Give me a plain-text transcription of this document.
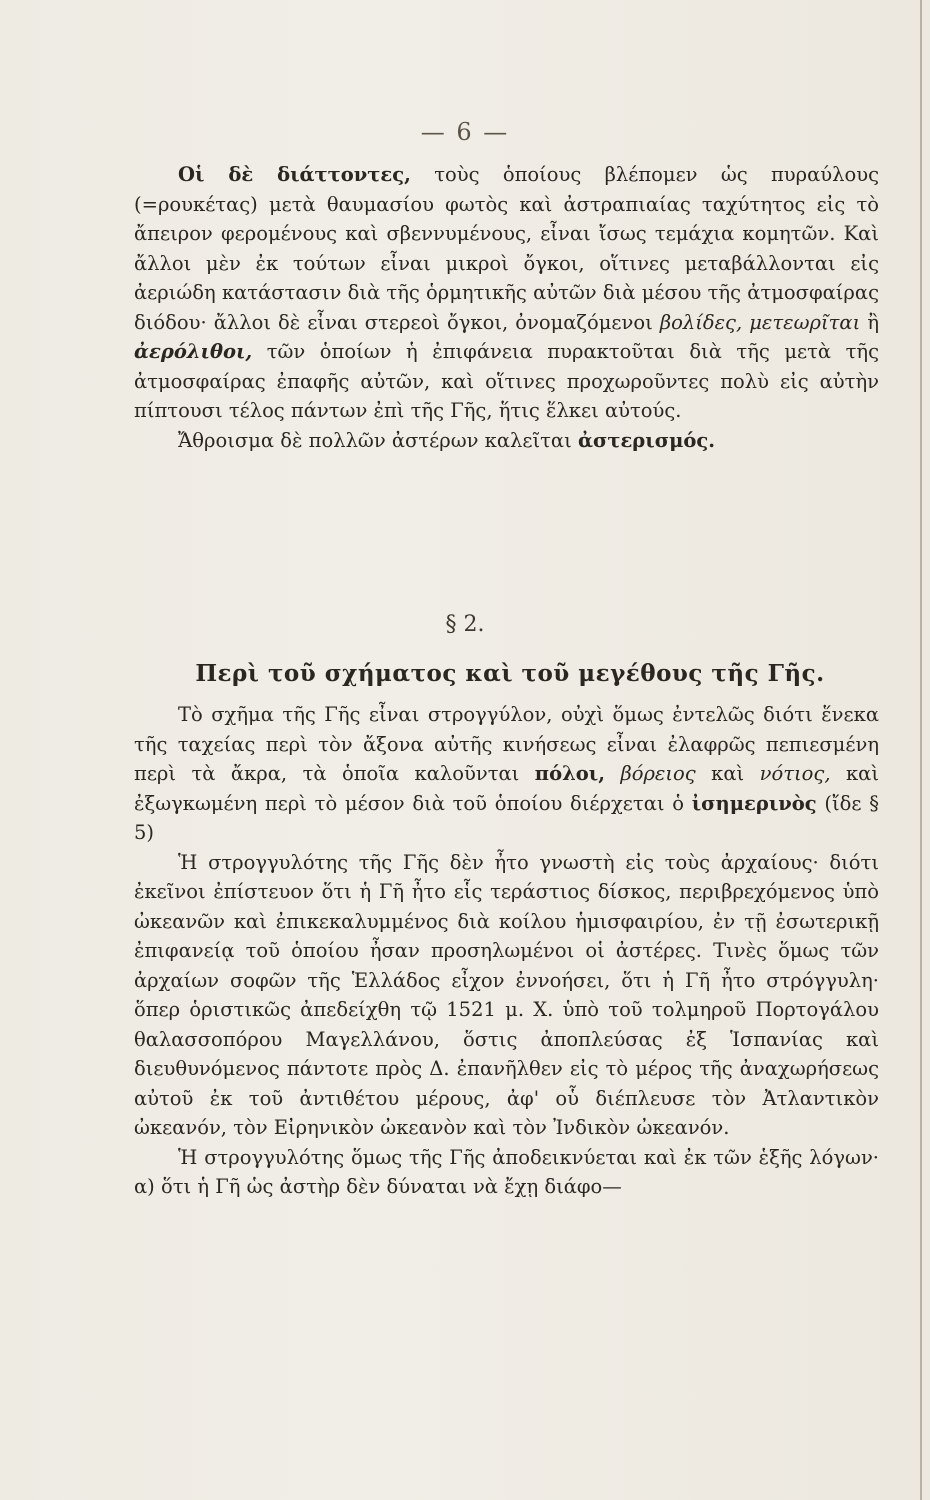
— 6 —

Οἱ δὲ διάττοντες, τοὺς ὁποίους βλέπομεν ὡς πυραύλους (=ρουκέτας) μετὰ θαυμασίου φωτὸς καὶ ἀστραπιαίας ταχύτητος εἰς τὸ ἄπειρον φερομένους καὶ σβεννυμένους, εἶναι ἴσως τεμάχια κομητῶν. Καὶ ἄλλοι μὲν ἐκ τούτων εἶναι μικροὶ ὄγκοι, οἵτινες μεταβάλλονται εἰς ἀεριώδη κατάστασιν διὰ τῆς ὁρμητικῆς αὐτῶν διὰ μέσου τῆς ἀτμοσφαίρας διόδου· ἄλλοι δὲ εἶναι στερεοὶ ὄγκοι, ὀνομαζόμενοι βολίδες, μετεωρῖται ἢ ἀερόλιθοι, τῶν ὁποίων ἡ ἐπιφάνεια πυρακτοῦται διὰ τῆς μετὰ τῆς ἀτμοσφαίρας ἐπαφῆς αὐτῶν, καὶ οἵτινες προχωροῦντες πολὺ εἰς αὐτὴν πίπτουσι τέλος πάντων ἐπὶ τῆς Γῆς, ἥτις ἕλκει αὐτούς.

Ἄθροισμα δὲ πολλῶν ἀστέρων καλεῖται ἀστερισμός.

§ 2.
Περὶ τοῦ σχήματος καὶ τοῦ μεγέθους τῆς Γῆς.

Τὸ σχῆμα τῆς Γῆς εἶναι στρογγύλον, οὐχὶ ὅμως ἐντελῶς διότι ἕνεκα τῆς ταχείας περὶ τὸν ἄξονα αὐτῆς κινήσεως εἶναι ἐλαφρῶς πεπιεσμένη περὶ τὰ ἄκρα, τὰ ὁποῖα καλοῦνται πόλοι, βόρειος καὶ νότιος, καὶ ἐξωγκωμένη περὶ τὸ μέσον διὰ τοῦ ὁποίου διέρχεται ὁ ἰσημερινὸς (ἴδε § 5)

Ἡ στρογγυλότης τῆς Γῆς δὲν ἦτο γνωστὴ εἰς τοὺς ἀρχαίους· διότι ἐκεῖνοι ἐπίστευον ὅτι ἡ Γῆ ἦτο εἷς τεράστιος δίσκος, περιβρεχόμενος ὑπὸ ὠκεανῶν καὶ ἐπικεκαλυμμένος διὰ κοίλου ἡμισφαιρίου, ἐν τῇ ἐσωτερικῇ ἐπιφανείᾳ τοῦ ὁποίου ἦσαν προσηλωμένοι οἱ ἀστέρες. Τινὲς ὅμως τῶν ἀρχαίων σοφῶν τῆς Ἑλλάδος εἶχον ἐννοήσει, ὅτι ἡ Γῆ ἦτο στρόγγυλη· ὅπερ ὁριστικῶς ἀπεδείχθη τῷ 1521 μ. Χ. ὑπὸ τοῦ τολμηροῦ Πορτογάλου θαλασσοπόρου Μαγελλάνου, ὅστις ἀποπλεύσας ἐξ Ἱσπανίας καὶ διευθυνόμενος πάντοτε πρὸς Δ. ἐπανῆλθεν εἰς τὸ μέρος τῆς ἀναχωρήσεως αὐτοῦ ἐκ τοῦ ἀντιθέτου μέρους, ἀφ' οὗ διέπλευσε τὸν Ἀτλαντικὸν ὠκεανόν, τὸν Εἰρηνικὸν ὠκεανὸν καὶ τὸν Ἰνδικὸν ὠκεανόν.

Ἡ στρογγυλότης ὅμως τῆς Γῆς ἀποδεικνύεται καὶ ἐκ τῶν ἑξῆς λόγων· α) ὅτι ἡ Γῆ ὡς ἀστὴρ δὲν δύναται νὰ ἔχῃ διάφο—
